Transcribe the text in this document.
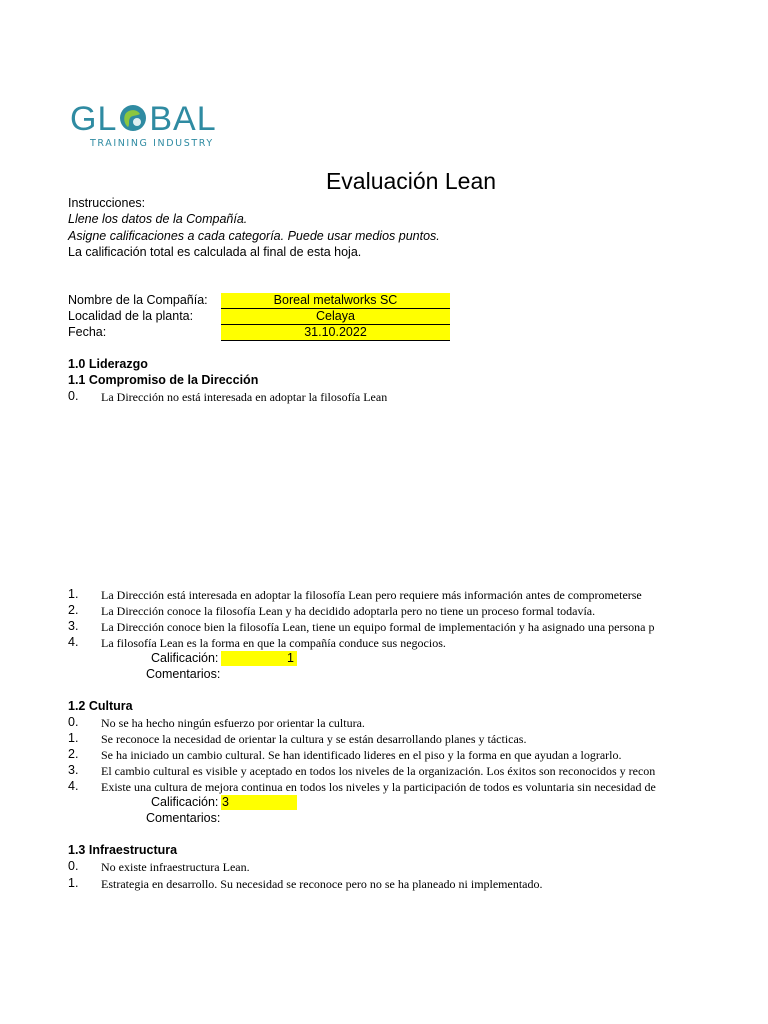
GL BAL
TRAINING INDUSTRY
Evaluación Lean
Instrucciones:
Llene los datos de la Compañía.
Asigne calificaciones a cada categoría. Puede usar medios puntos.
La calificación total es calculada al final de esta hoja.
Nombre de la Compañía:	Boreal metalworks SC
Localidad de la planta:	Celaya
Fecha:	31.10.2022
1.0 Liderazgo
1.1 Compromiso de la Dirección
0. La Dirección no está interesada en adoptar la filosofía Lean
1. La Dirección está interesada en adoptar la filosofía Lean pero requiere más información antes de comprometerse
2. La Dirección conoce la filosofía Lean y ha decidido adoptarla pero no tiene un proceso formal todavía.
3. La Dirección conoce bien la filosofía Lean, tiene un equipo formal de implementación y ha asignado una persona p
4. La filosofía Lean es la forma en que la compañía conduce sus negocios.
Calificación:	1
Comentarios:
1.2 Cultura
0. No se ha hecho ningún esfuerzo por orientar la cultura.
1. Se reconoce la necesidad de orientar la cultura y se están desarrollando planes y tácticas.
2. Se ha iniciado un cambio cultural. Se han identificado lideres en el piso y la forma en que ayudan a lograrlo.
3. El cambio cultural es visible y aceptado en todos los niveles de la organización. Los éxitos son reconocidos y recon
4. Existe una cultura de mejora continua en todos los niveles y la participación de todos es voluntaria sin necesidad de
Calificación: 3
Comentarios:
1.3 Infraestructura
0. No existe infraestructura Lean.
1. Estrategia en desarrollo. Su necesidad se reconoce pero no se ha planeado ni implementado.
